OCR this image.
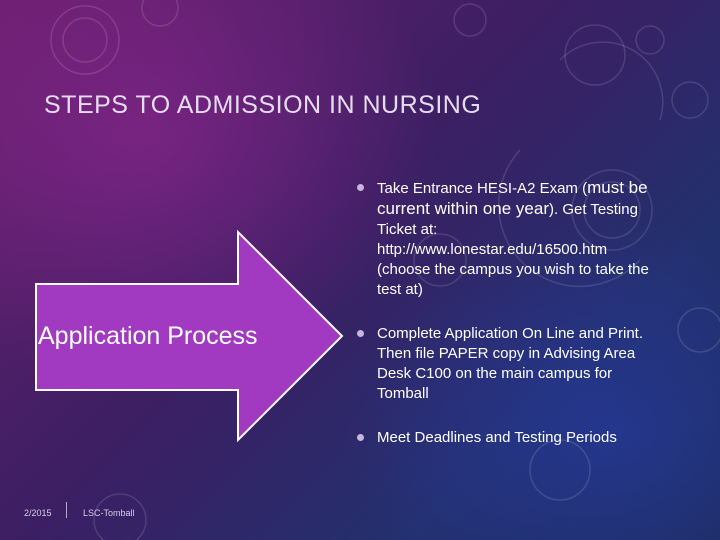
STEPS TO ADMISSION IN NURSING
Application Process
Take Entrance HESI-A2 Exam (must be current within one year). Get Testing Ticket at: http://www.lonestar.edu/16500.htm (choose the campus you wish to take the test at)
Complete Application On Line and Print. Then file PAPER copy in Advising Area Desk C100 on the main campus for Tomball
Meet Deadlines and Testing Periods
2/2015	LSC-Tomball
